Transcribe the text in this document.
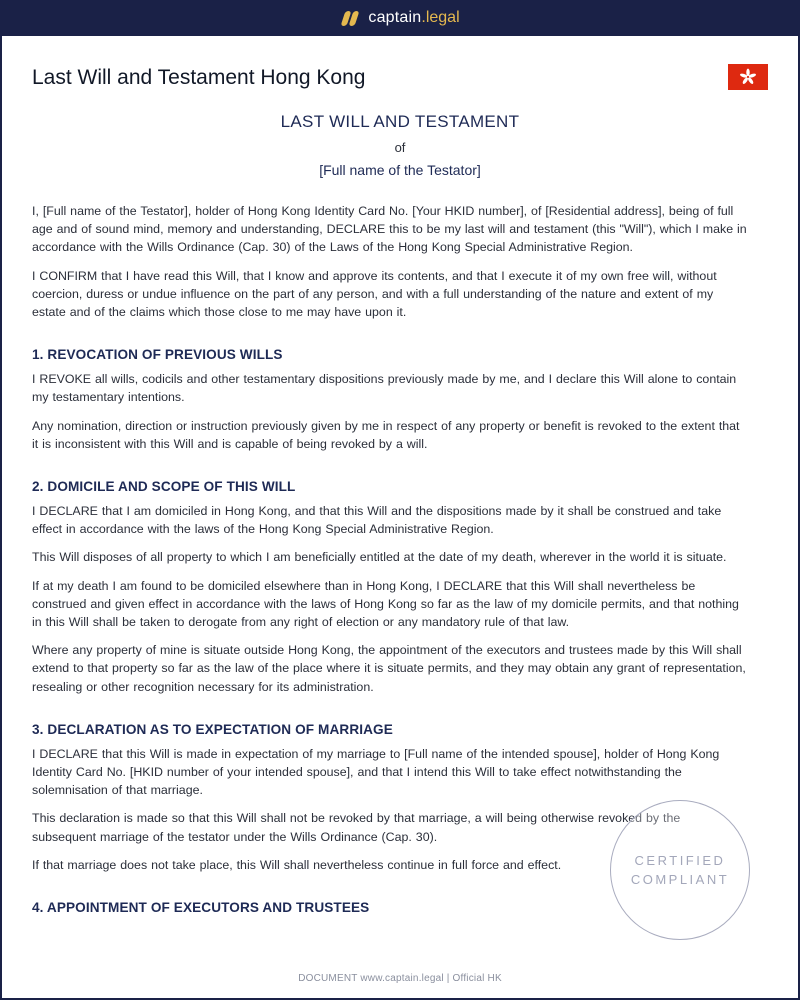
captain .legal
Last Will and Testament Hong Kong
LAST WILL AND TESTAMENT
of
[Full name of the Testator]

I, [Full name of the Testator], holder of Hong Kong Identity Card No. [Your HKID number], of [Residential address], being of full age and of sound mind, memory and understanding, DECLARE this to be my last will and testament (this "Will"), which I make in accordance with the Wills Ordinance (Cap. 30) of the Laws of the Hong Kong Special Administrative Region.

I CONFIRM that I have read this Will, that I know and approve its contents, and that I execute it of my own free will, without coercion, duress or undue influence on the part of any person, and with a full understanding of the nature and extent of my estate and of the claims which those close to me may have upon it.

1. REVOCATION OF PREVIOUS WILLS

I REVOKE all wills, codicils and other testamentary dispositions previously made by me, and I declare this Will alone to contain my testamentary intentions.

Any nomination, direction or instruction previously given by me in respect of any property or benefit is revoked to the extent that it is inconsistent with this Will and is capable of being revoked by a will.

2. DOMICILE AND SCOPE OF THIS WILL

I DECLARE that I am domiciled in Hong Kong, and that this Will and the dispositions made by it shall be construed and take effect in accordance with the laws of the Hong Kong Special Administrative Region.

This Will disposes of all property to which I am beneficially entitled at the date of my death, wherever in the world it is situate.

If at my death I am found to be domiciled elsewhere than in Hong Kong, I DECLARE that this Will shall nevertheless be construed and given effect in accordance with the laws of Hong Kong so far as the law of my domicile permits, and that nothing in this Will shall be taken to derogate from any right of election or any mandatory rule of that law.

Where any property of mine is situate outside Hong Kong, the appointment of the executors and trustees made by this Will shall extend to that property so far as the law of the place where it is situate permits, and they may obtain any grant of representation, resealing or other recognition necessary for its administration.

3. DECLARATION AS TO EXPECTATION OF MARRIAGE

I DECLARE that this Will is made in expectation of my marriage to [Full name of the intended spouse], holder of Hong Kong Identity Card No. [HKID number of your intended spouse], and that I intend this Will to take effect notwithstanding the solemnisation of that marriage.

This declaration is made so that this Will shall not be revoked by that marriage, a will being otherwise revoked by the subsequent marriage of the testator under the Wills Ordinance (Cap. 30).

If that marriage does not take place, this Will shall nevertheless continue in full force and effect.

4. APPOINTMENT OF EXECUTORS AND TRUSTEES
CERTIFIED
COMPLIANT
DOCUMENT www.captain.legal | Official HK
